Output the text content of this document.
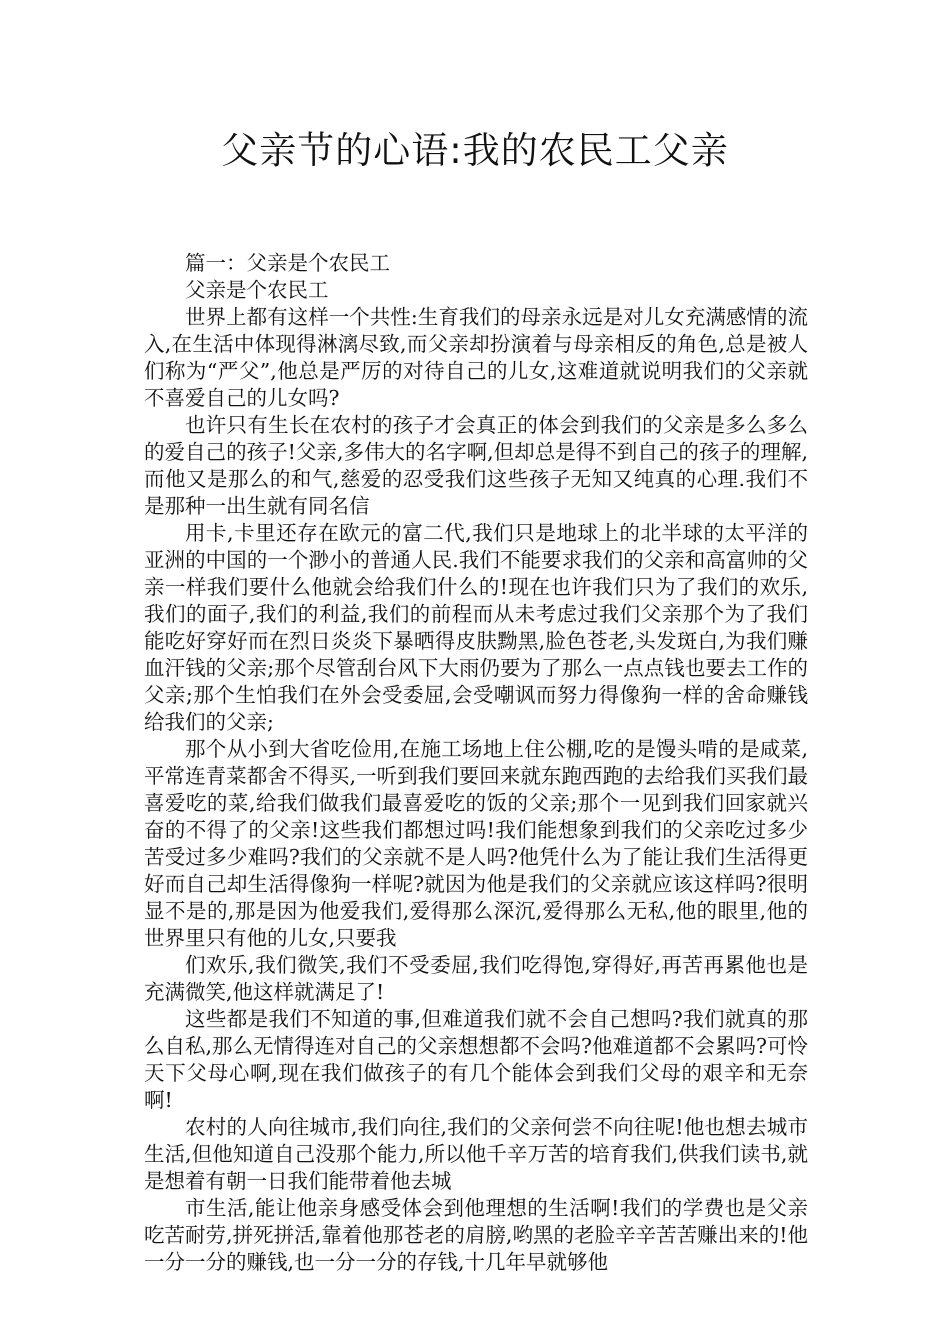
父亲节的心语:我的农民工父亲

篇一：父亲是个农民工

父亲是个农民工

世界上都有这样一个共性:生育我们的母亲永远是对儿女充满感情的流入,在生活中体现得淋漓尽致,而父亲却扮演着与母亲相反的角色,总是被人们称为“严父”,他总是严厉的对待自己的儿女,这难道就说明我们的父亲就不喜爱自己的儿女吗?

也许只有生长在农村的孩子才会真正的体会到我们的父亲是多么多么的爱自己的孩子!父亲,多伟大的名字啊,但却总是得不到自己的孩子的理解,而他又是那么的和气,慈爱的忍受我们这些孩子无知又纯真的心理.我们不是那种一出生就有同名信

用卡,卡里还存在欧元的富二代,我们只是地球上的北半球的太平洋的亚洲的中国的一个渺小的普通人民.我们不能要求我们的父亲和高富帅的父亲一样我们要什么他就会给我们什么的!现在也许我们只为了我们的欢乐,我们的面子,我们的利益,我们的前程而从未考虑过我们父亲那个为了我们能吃好穿好而在烈日炎炎下暴晒得皮肤黝黑,脸色苍老,头发斑白,为我们赚血汗钱的父亲;那个尽管刮台风下大雨仍要为了那么一点点钱也要去工作的父亲;那个生怕我们在外会受委屈,会受嘲讽而努力得像狗一样的舍命赚钱给我们的父亲;

那个从小到大省吃俭用,在施工场地上住公棚,吃的是馒头啃的是咸菜,平常连青菜都舍不得买,一听到我们要回来就东跑西跑的去给我们买我们最喜爱吃的菜,给我们做我们最喜爱吃的饭的父亲;那个一见到我们回家就兴奋的不得了的父亲!这些我们都想过吗!我们能想象到我们的父亲吃过多少苦受过多少难吗?我们的父亲就不是人吗?他凭什么为了能让我们生活得更好而自己却生活得像狗一样呢?就因为他是我们的父亲就应该这样吗?很明显不是的,那是因为他爱我们,爱得那么深沉,爱得那么无私,他的眼里,他的世界里只有他的儿女,只要我

们欢乐,我们微笑,我们不受委屈,我们吃得饱,穿得好,再苦再累他也是充满微笑,他这样就满足了!

这些都是我们不知道的事,但难道我们就不会自己想吗?我们就真的那么自私,那么无情得连对自己的父亲想想都不会吗?他难道都不会累吗?可怜天下父母心啊,现在我们做孩子的有几个能体会到我们父母的艰辛和无奈啊!

农村的人向往城市,我们向往,我们的父亲何尝不向往呢!他也想去城市生活,但他知道自己没那个能力,所以他千辛万苦的培育我们,供我们读书,就是想着有朝一日我们能带着他去城

市生活,能让他亲身感受体会到他理想的生活啊!我们的学费也是父亲吃苦耐劳,拼死拼活,靠着他那苍老的肩膀,哟黑的老脸辛辛苦苦赚出来的!他一分一分的赚钱,也一分一分的存钱,十几年早就够他
